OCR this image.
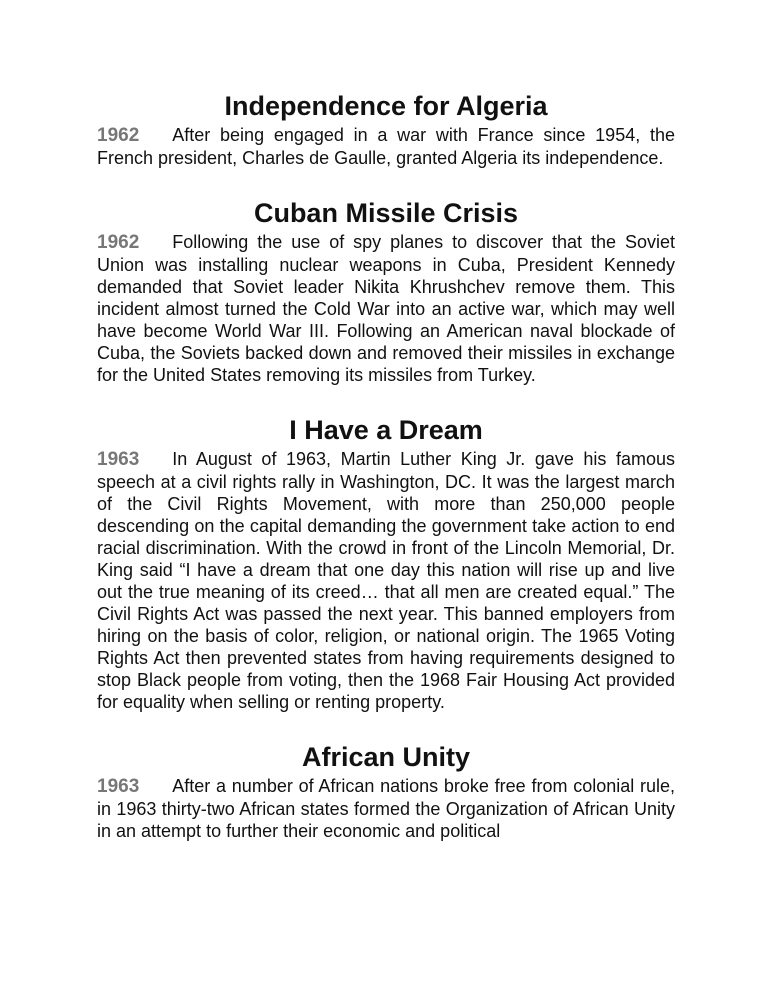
Independence for Algeria

1962 After being engaged in a war with France since 1954, the French president, Charles de Gaulle, granted Algeria its independence.

Cuban Missile Crisis

1962 Following the use of spy planes to discover that the Soviet Union was installing nuclear weapons in Cuba, President Kennedy demanded that Soviet leader Nikita Khrushchev remove them. This incident almost turned the Cold War into an active war, which may well have become World War III. Following an American naval blockade of Cuba, the Soviets backed down and removed their missiles in exchange for the United States removing its missiles from Turkey.

I Have a Dream

1963 In August of 1963, Martin Luther King Jr. gave his famous speech at a civil rights rally in Washington, DC. It was the largest march of the Civil Rights Movement, with more than 250,000 people descending on the capital demanding the government take action to end racial discrimination. With the crowd in front of the Lincoln Memorial, Dr. King said “I have a dream that one day this nation will rise up and live out the true meaning of its creed… that all men are created equal.” The Civil Rights Act was passed the next year. This banned employers from hiring on the basis of color, religion, or national origin. The 1965 Voting Rights Act then prevented states from having requirements designed to stop Black people from voting, then the 1968 Fair Housing Act provided for equality when selling or renting property.

African Unity

1963 After a number of African nations broke free from colonial rule, in 1963 thirty-two African states formed the Organization of African Unity in an attempt to further their economic and political
